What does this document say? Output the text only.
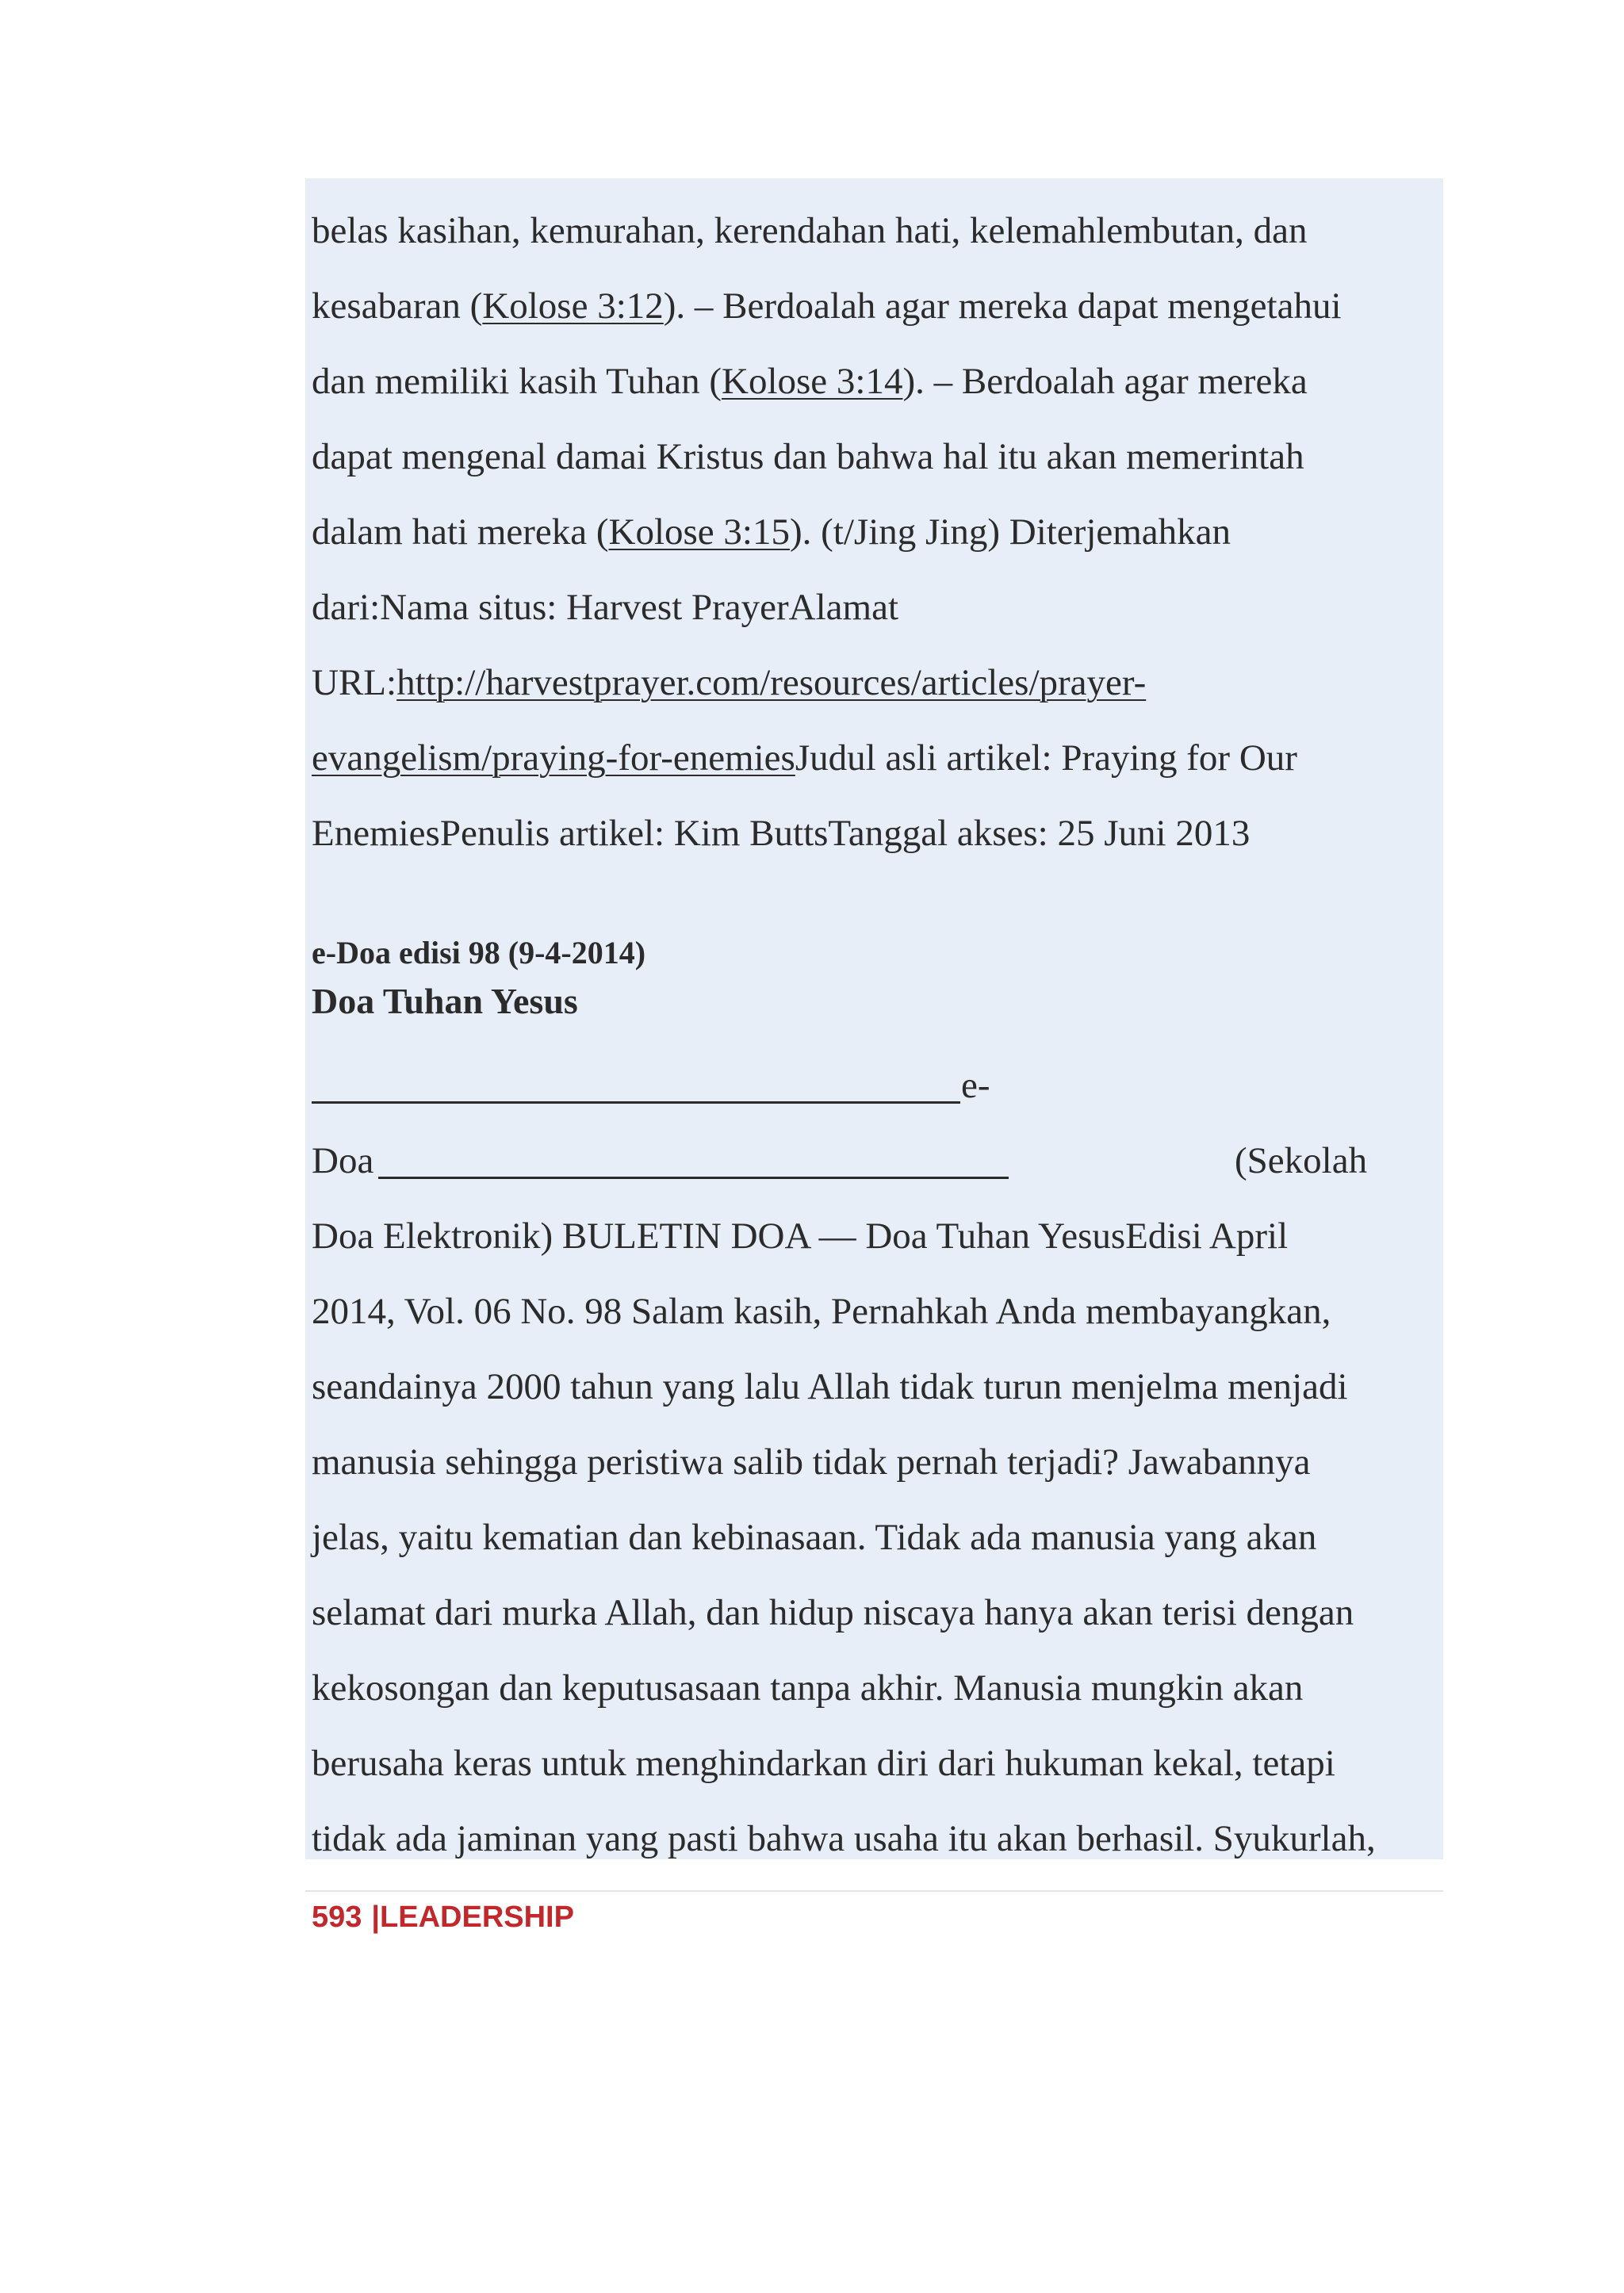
belas kasihan, kemurahan, kerendahan hati, kelemahlembutan, dan
kesabaran (Kolose 3:12). – Berdoalah agar mereka dapat mengetahui
dan memiliki kasih Tuhan (Kolose 3:14). – Berdoalah agar mereka
dapat mengenal damai Kristus dan bahwa hal itu akan memerintah
dalam hati mereka (Kolose 3:15). (t/Jing Jing) Diterjemahkan
dari:Nama situs: Harvest PrayerAlamat
URL:http://harvestprayer.com/resources/articles/prayer-
evangelism/praying-for-enemiesJudul asli artikel: Praying for Our
EnemiesPenulis artikel: Kim ButtsTanggal akses: 25 Juni 2013
e-Doa edisi 98 (9-4-2014)
Doa Tuhan Yesus
e-
Doa	(Sekolah
Doa Elektronik) BULETIN DOA — Doa Tuhan YesusEdisi April
2014, Vol. 06 No. 98 Salam kasih, Pernahkah Anda membayangkan,
seandainya 2000 tahun yang lalu Allah tidak turun menjelma menjadi
manusia sehingga peristiwa salib tidak pernah terjadi? Jawabannya
jelas, yaitu kematian dan kebinasaan. Tidak ada manusia yang akan
selamat dari murka Allah, dan hidup niscaya hanya akan terisi dengan
kekosongan dan keputusasaan tanpa akhir. Manusia mungkin akan
berusaha keras untuk menghindarkan diri dari hukuman kekal, tetapi
tidak ada jaminan yang pasti bahwa usaha itu akan berhasil. Syukurlah,
593 |LEADERSHIP
